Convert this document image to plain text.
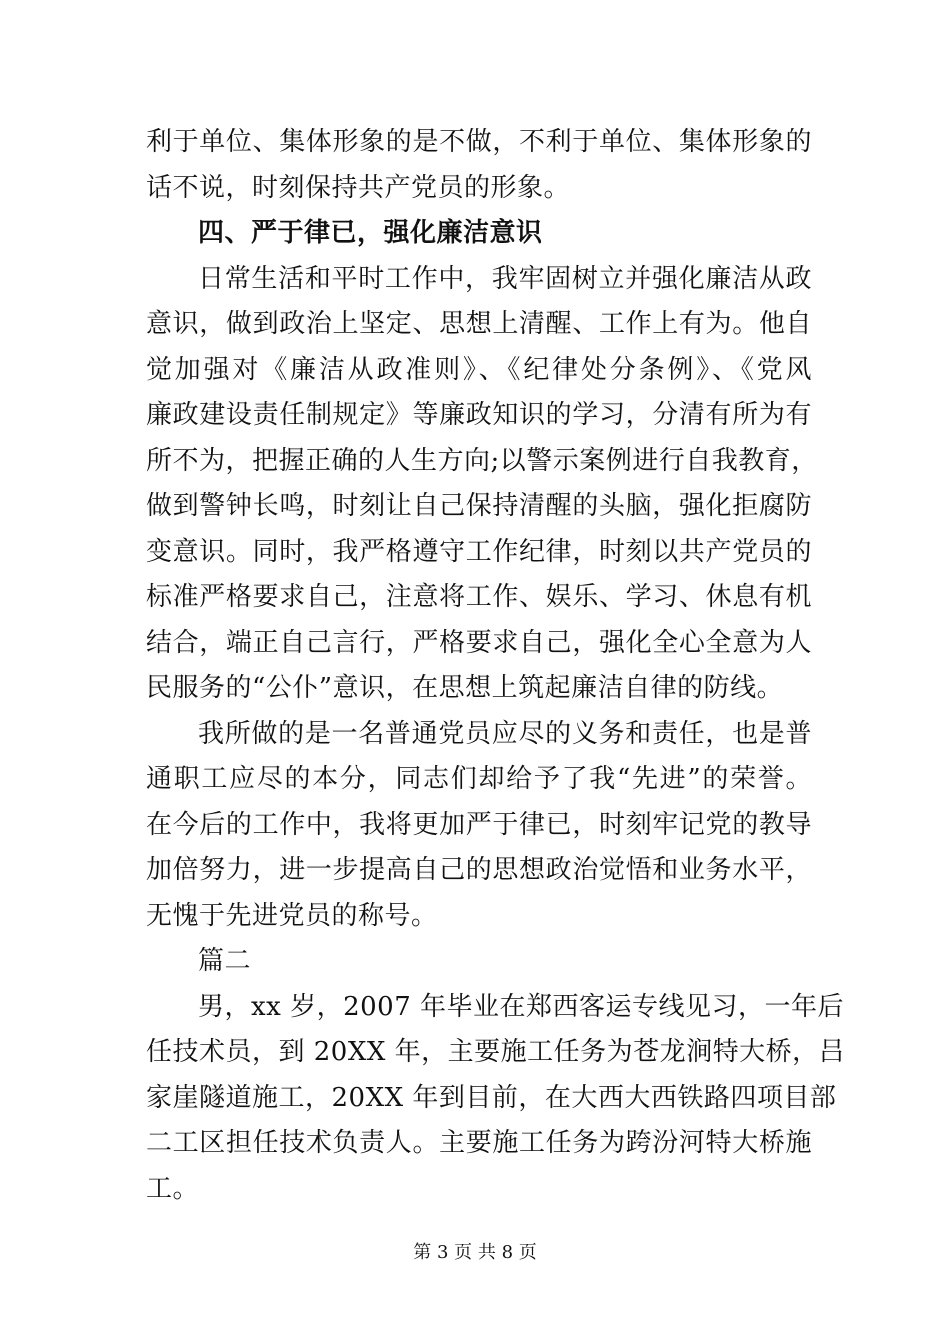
利于单位、集体形象的是不做，不利于单位、集体形象的
话不说，时刻保持共产党员的形象。
四、严于律已，强化廉洁意识
日常生活和平时工作中，我牢固树立并强化廉洁从政
意识，做到政治上坚定、思想上清醒、工作上有为。他自
觉加强对《廉洁从政准则》、《纪律处分条例》、《党风
廉政建设责任制规定》等廉政知识的学习，分清有所为有
所不为，把握正确的人生方向;以警示案例进行自我教育，
做到警钟长鸣，时刻让自己保持清醒的头脑，强化拒腐防
变意识。同时，我严格遵守工作纪律，时刻以共产党员的
标准严格要求自己，注意将工作、娱乐、学习、休息有机
结合，端正自己言行，严格要求自己，强化全心全意为人
民服务的“公仆”意识，在思想上筑起廉洁自律的防线。
我所做的是一名普通党员应尽的义务和责任，也是普
通职工应尽的本分，同志们却给予了我“先进”的荣誉。
在今后的工作中，我将更加严于律已，时刻牢记党的教导
加倍努力，进一步提高自己的思想政治觉悟和业务水平，
无愧于先进党员的称号。
篇二
男，xx 岁，2007 年毕业在郑西客运专线见习，一年后
任技术员，到 20XX 年，主要施工任务为苍龙涧特大桥，吕
家崖隧道施工，20XX 年到目前，在大西大西铁路四项目部
二工区担任技术负责人。主要施工任务为跨汾河特大桥施
工。
第 3 页 共 8 页
